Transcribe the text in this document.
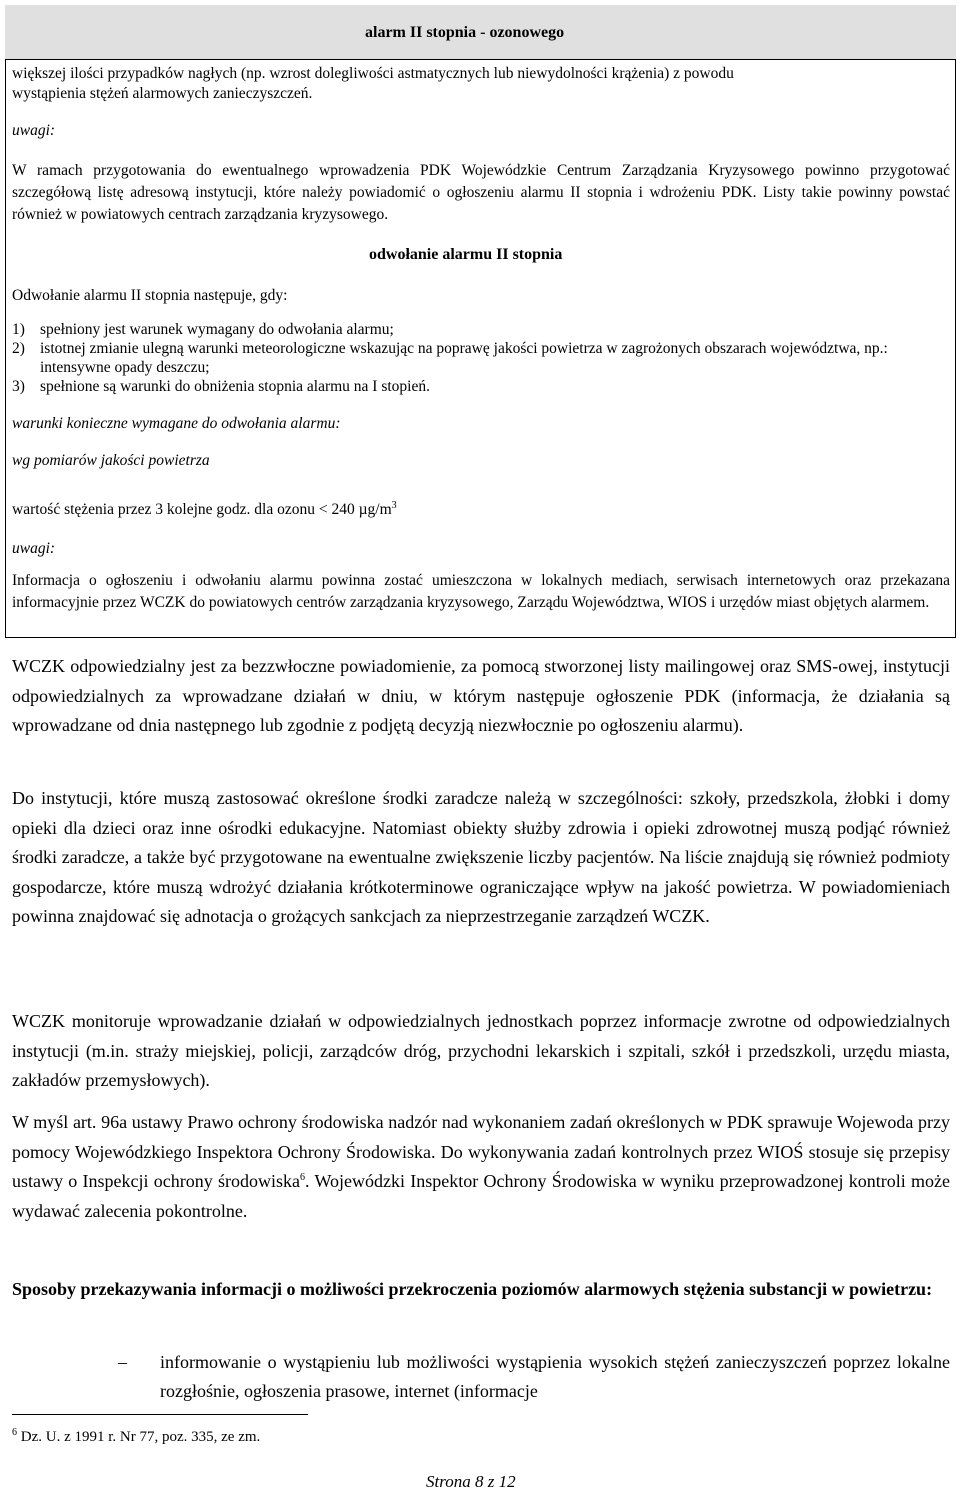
alarm II stopnia - ozonowego
większej ilości przypadków nagłych (np. wzrost dolegliwości astmatycznych lub niewydolności krążenia) z powodu
wystąpienia stężeń alarmowych zanieczyszczeń.
uwagi:
W ramach przygotowania do ewentualnego wprowadzenia PDK Wojewódzkie Centrum Zarządzania Kryzysowego powinno przygotować szczegółową listę adresową instytucji, które należy powiadomić o ogłoszeniu alarmu II stopnia i wdrożeniu PDK. Listy takie powinny powstać również w powiatowych centrach zarządzania kryzysowego.
odwołanie alarmu II stopnia
Odwołanie alarmu II stopnia następuje, gdy:
1) spełniony jest warunek wymagany do odwołania alarmu;
2) istotnej zmianie ulegną warunki meteorologiczne wskazując na poprawę jakości powietrza w zagrożonych obszarach województwa, np.: intensywne opady deszczu;
3) spełnione są warunki do obniżenia stopnia alarmu na I stopień.
warunki konieczne wymagane do odwołania alarmu:
wg pomiarów jakości powietrza
wartość stężenia przez 3 kolejne godz. dla ozonu < 240 $\mu g/m^3$
uwagi:
Informacja o ogłoszeniu i odwołaniu alarmu powinna zostać umieszczona w lokalnych mediach, serwisach internetowych oraz przekazana informacyjnie przez WCZK do powiatowych centrów zarządzania kryzysowego, Zarządu Województwa, WIOS i urzędów miast objętych alarmem.
WCZK odpowiedzialny jest za bezzwłoczne powiadomienie, za pomocą stworzonej listy mailingowej oraz SMS-owej, instytucji odpowiedzialnych za wprowadzane działań w dniu, w którym następuje ogłoszenie PDK (informacja, że działania są wprowadzane od dnia następnego lub zgodnie z podjętą decyzją niezwłocznie po ogłoszeniu alarmu).
Do instytucji, które muszą zastosować określone środki zaradcze należą w szczególności: szkoły, przedszkola, żłobki i domy opieki dla dzieci oraz inne ośrodki edukacyjne. Natomiast obiekty służby zdrowia i opieki zdrowotnej muszą podjąć również środki zaradcze, a także być przygotowane na ewentualne zwiększenie liczby pacjentów. Na liście znajdują się również podmioty gospodarcze, które muszą wdrożyć działania krótkoterminowe ograniczające wpływ na jakość powietrza. W powiadomieniach powinna znajdować się adnotacja o grożących sankcjach za nieprzestrzeganie zarządzeń WCZK.
WCZK monitoruje wprowadzanie działań w odpowiedzialnych jednostkach poprzez informacje zwrotne od odpowiedzialnych instytucji (m.in. straży miejskiej, policji, zarządców dróg, przychodni lekarskich i szpitali, szkół i przedszkoli, urzędu miasta, zakładów przemysłowych).
W myśl art. 96a ustawy Prawo ochrony środowiska nadzór nad wykonaniem zadań określonych w PDK sprawuje Wojewoda przy pomocy Wojewódzkiego Inspektora Ochrony Środowiska. Do wykonywania zadań kontrolnych przez WIOŚ stosuje się przepisy ustawy o Inspekcji ochrony środowiska$^6$. Wojewódzki Inspektor Ochrony Środowiska w wyniku przeprowadzonej kontroli może wydawać zalecenia pokontrolne.
Sposoby przekazywania informacji o możliwości przekroczenia poziomów alarmowych stężenia substancji w powietrzu:
– informowanie o wystąpieniu lub możliwości wystąpienia wysokich stężeń zanieczyszczeń poprzez lokalne rozgłośnie, ogłoszenia prasowe, internet (informacje
$^6$ Dz. U. z 1991 r. Nr 77, poz. 335, ze zm.
Strona 8 z 12
